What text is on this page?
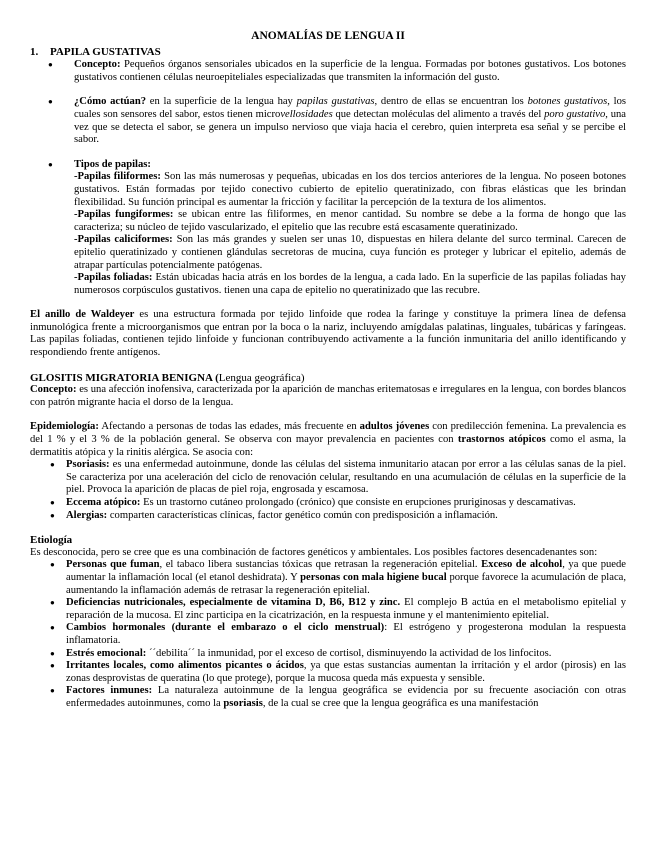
ANOMALÍAS DE LENGUA II
1.	PAPILA GUSTATIVAS
● Concepto: Pequeños órganos sensoriales ubicados en la superficie de la lengua. Formadas por botones gustativos. Los botones gustativos contienen células neuroepiteliales especializadas que transmiten la información del gusto.
● ¿Cómo actúan? en la superficie de la lengua hay papilas gustativas, dentro de ellas se encuentran los botones gustativos, los cuales son sensores del sabor, estos tienen microvellosidades que detectan moléculas del alimento a través del poro gustativo, una vez que se detecta el sabor, se genera un impulso nervioso que viaja hacia el cerebro, quien interpreta esa señal y se percibe el sabor.
● Tipos de papilas:
-Papilas filiformes: Son las más numerosas y pequeñas, ubicadas en los dos tercios anteriores de la lengua. No poseen botones gustativos. Están formadas por tejido conectivo cubierto de epitelio queratinizado, con fibras elásticas que les brindan flexibilidad. Su función principal es aumentar la fricción y facilitar la percepción de la textura de los alimentos.
-Papilas fungiformes: se ubican entre las filiformes, en menor cantidad. Su nombre se debe a la forma de hongo que las caracteriza; su núcleo de tejido vascularizado, el epitelio que las recubre está escasamente queratinizado.
-Papilas caliciformes: Son las más grandes y suelen ser unas 10, dispuestas en hilera delante del surco terminal. Carecen de epitelio queratinizado y contienen glándulas secretoras de mucina, cuya función es proteger y lubricar el epitelio, además de atrapar partículas potencialmente patógenas.
-Papilas foliadas: Están ubicadas hacia atrás en los bordes de la lengua, a cada lado. En la superficie de las papilas foliadas hay numerosos corpúsculos gustativos. tienen una capa de epitelio no queratinizado que las recubre.

El anillo de Waldeyer es una estructura formada por tejido linfoide que rodea la faringe y constituye la primera línea de defensa inmunológica frente a microorganismos que entran por la boca o la nariz, incluyendo amígdalas palatinas, linguales, tubáricas y faríngeas. Las papilas foliadas, contienen tejido linfoide y funcionan contribuyendo activamente a la función inmunitaria del anillo identificando y respondiendo frente antígenos.

GLOSITIS MIGRATORIA BENIGNA (Lengua geográfica)

Concepto: es una afección inofensiva, caracterizada por la aparición de manchas eritematosas e irregulares en la lengua, con bordes blancos con patrón migrante hacia el dorso de la lengua.

Epidemiología: Afectando a personas de todas las edades, más frecuente en adultos jóvenes con predilección femenina. La prevalencia es del 1 % y el 3 % de la población general. Se observa con mayor prevalencia en pacientes con trastornos atópicos como el asma, la dermatitis atópica y la rinitis alérgica. Se asocia con:

● Psoriasis: es una enfermedad autoinmune, donde las células del sistema inmunitario atacan por error a las células sanas de la piel. Se caracteriza por una aceleración del ciclo de renovación celular, resultando en una acumulación de células en la superficie de la piel. Provoca la aparición de placas de piel roja, engrosada y escamosa.
● Eccema atópico: Es un trastorno cutáneo prolongado (crónico) que consiste en erupciones pruriginosas y descamativas.
● Alergias: comparten características clínicas, factor genético común con predisposición a inflamación.
Etiología

Es desconocida, pero se cree que es una combinación de factores genéticos y ambientales. Los posibles factores desencadenantes son:

● Personas que fuman, el tabaco libera sustancias tóxicas que retrasan la regeneración epitelial. Exceso de alcohol, ya que puede aumentar la inflamación local (el etanol deshidrata). Y personas con mala higiene bucal porque favorece la acumulación de placa, aumentando la inflamación además de retrasar la regeneración epitelial.
● Deficiencias nutricionales, especialmente de vitamina D, B6, B12 y zinc. El complejo B actúa en el metabolismo epitelial y reparación de la mucosa. El zinc participa en la cicatrización, en la respuesta inmune y el mantenimiento epitelial.
● Cambios hormonales (durante el embarazo o el ciclo menstrual): El estrógeno y progesterona modulan la respuesta inflamatoria.
● Estrés emocional: ´´debilita´´ la inmunidad, por el exceso de cortisol, disminuyendo la actividad de los linfocitos.
● Irritantes locales, como alimentos picantes o ácidos, ya que estas sustancias aumentan la irritación y el ardor (pirosis) en las zonas desprovistas de queratina (lo que protege), porque la mucosa queda más expuesta y sensible.
● Factores inmunes: La naturaleza autoinmune de la lengua geográfica se evidencia por su frecuente asociación con otras enfermedades autoinmunes, como la psoriasis, de la cual se cree que la lengua geográfica es una manifestación
